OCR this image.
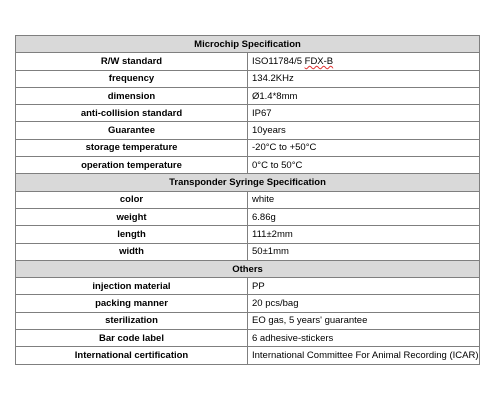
Microchip Specification	
R/W standard	ISO11784/5 FDX-B
frequency	134.2KHz
dimension	Ø1.4*8mm
anti-collision standard	IP67
Guarantee	10years
storage temperature	-20°C to +50°C
operation temperature	0°C to 50°C
Transponder Syringe Specification	
color	white
weight	6.86g
length	111±2mm
width	50±1mm
Others	
injection material	PP
packing manner	20 pcs/bag
sterilization	EO gas, 5 years' guarantee
Bar code label	6 adhesive-stickers
International certification	International Committee For Animal Recording (ICAR)
